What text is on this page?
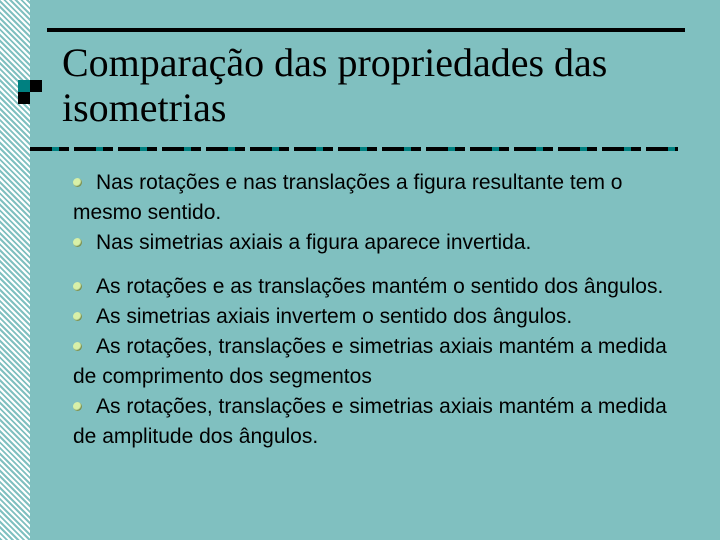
Comparação das propriedades das isometrias

Nas rotações e nas translações a figura resultante tem o mesmo sentido.

Nas simetrias axiais a figura aparece invertida.

As rotações e as translações mantém o sentido dos ângulos.

As simetrias axiais invertem o sentido dos ângulos.

As rotações, translações e simetrias axiais mantém a medida de comprimento dos segmentos

As rotações, translações e simetrias axiais mantém a medida de amplitude dos ângulos.
